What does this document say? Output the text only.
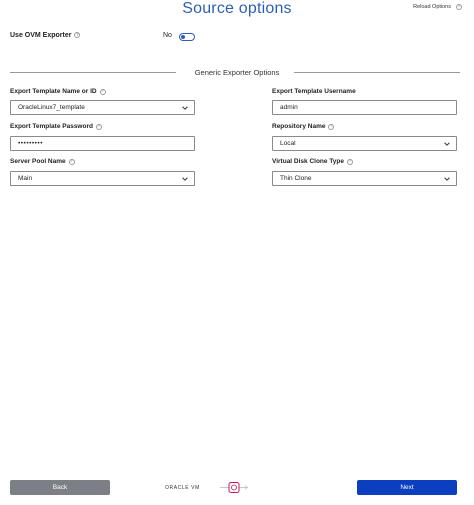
Source options	Reload Options	?
Use OVM Exporter ?	No
Generic Exporter Options
Export Template Name or ID	?
OracleLinux7_template
Export Template Username
admin
Export Template Password	?
•••••••••
Repository Name	?
Local
Server Pool Name	?
Main
Virtual Disk Clone Type	?
Thin Clone
Back	ORACLE VM	Next
